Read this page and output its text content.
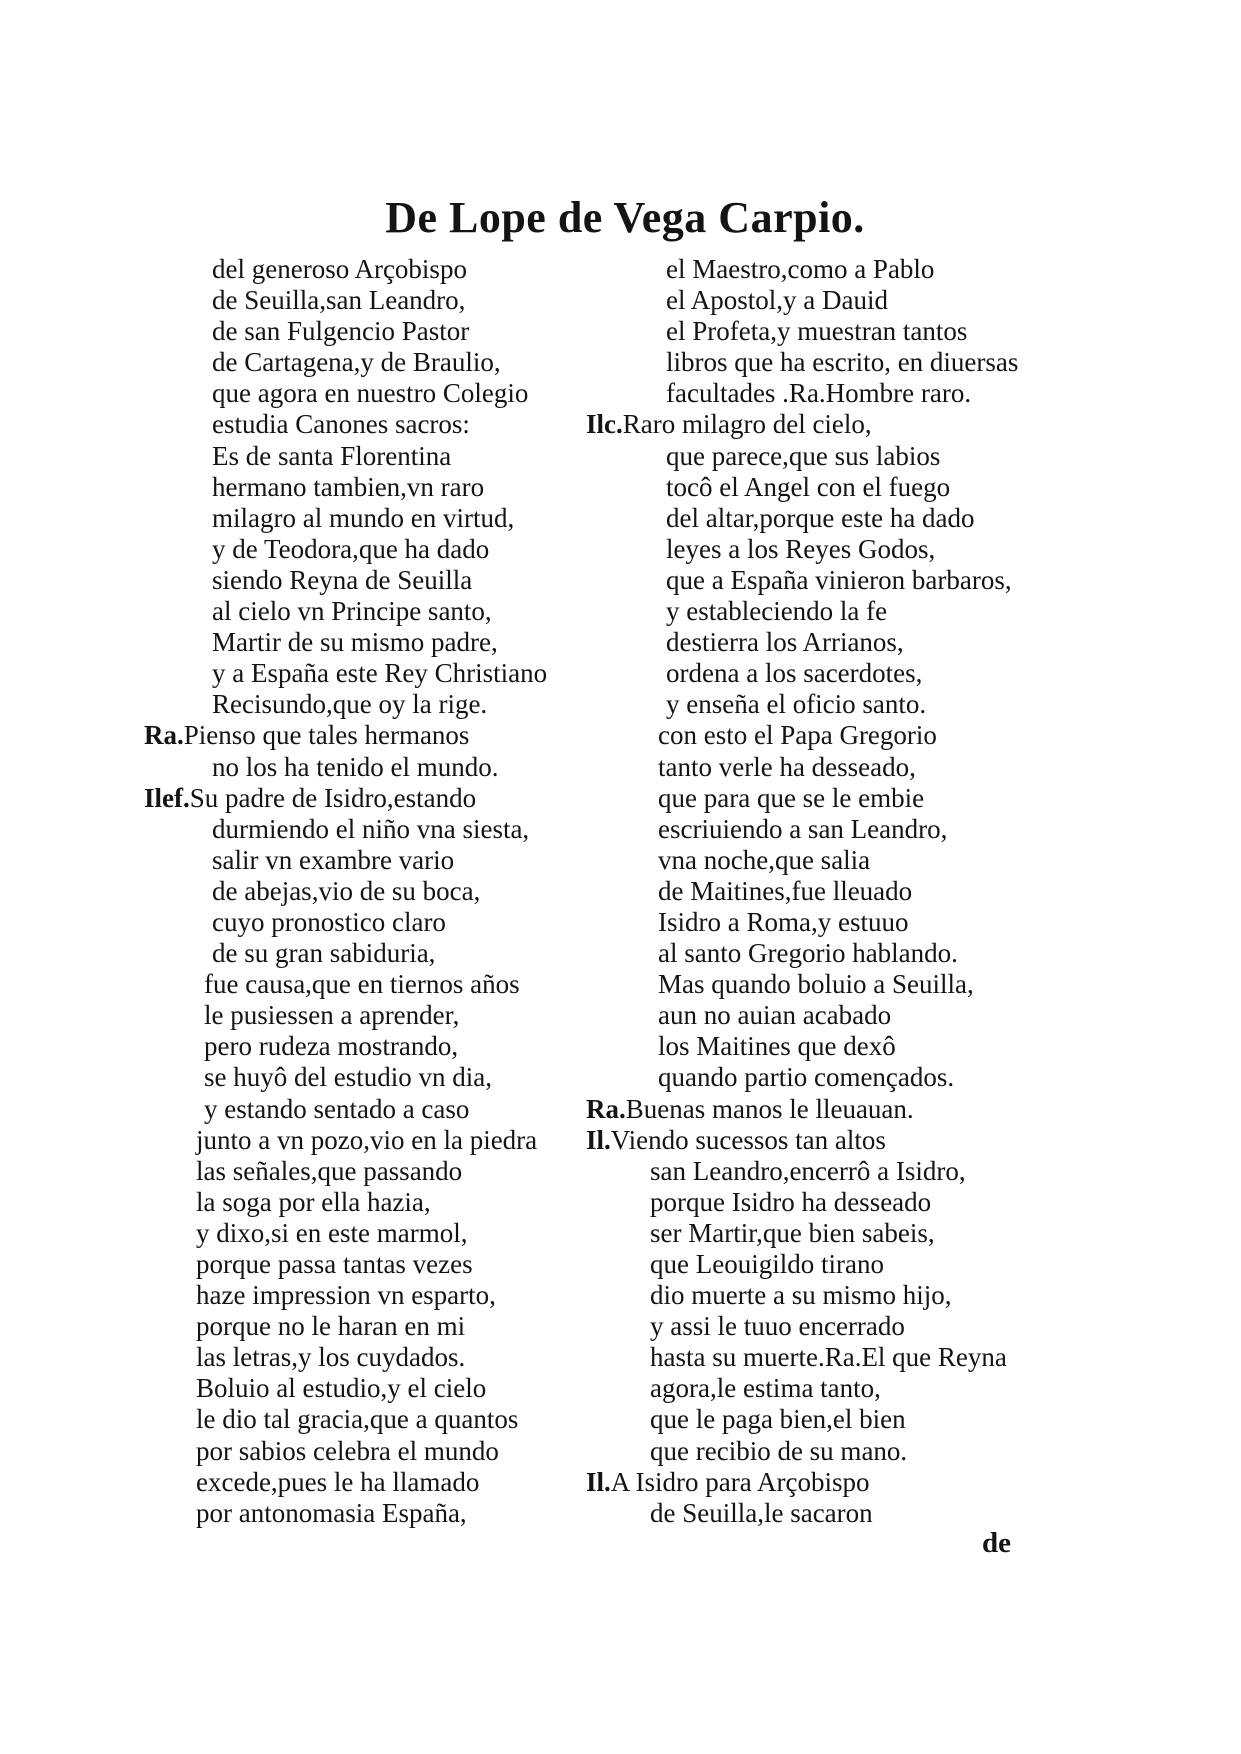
De Lope de Vega Carpio.
del generoso Arçobispo
de Seuilla,san Leandro,
de san Fulgencio Pastor
de Cartagena,y de Braulio,
que agora en nuestro Colegio
estudia Canones sacros:
Es de santa Florentina
hermano tambien,vn raro
milagro al mundo en virtud,
y de Teodora,que ha dado
siendo Reyna de Seuilla
al cielo vn Principe santo,
Martir de su mismo padre,
y a España este Rey Christiano
Recisundo,que oy la rige.
Ra.Pienso que tales hermanos
no los ha tenido el mundo.
Ilef.Su padre de Isidro,estando
durmiendo el niño vna siesta,
salir vn exambre vario
de abejas,vio de su boca,
cuyo pronostico claro
de su gran sabiduria,
fue causa,que en tiernos años
le pusiessen a aprender,
pero rudeza mostrando,
se huyô del estudio vn dia,
y estando sentado a caso
junto a vn pozo,vio en la piedra
las señales,que passando
la soga por ella hazia,
y dixo,si en este marmol,
porque passa tantas vezes
haze impression vn esparto,
porque no le haran en mi
las letras,y los cuydados.
Boluio al estudio,y el cielo
le dio tal gracia,que a quantos
por sabios celebra el mundo
excede,pues le ha llamado
por antonomasia España,
el Maestro,como a Pablo
el Apostol,y a Dauid
el Profeta,y muestran tantos
libros que ha escrito, en diuersas
facultades .Ra.Hombre raro.
Ilc.Raro milagro del cielo,
que parece,que sus labios
tocô el Angel con el fuego
del altar,porque este ha dado
leyes a los Reyes Godos,
que a España vinieron barbaros,
y estableciendo la fe
destierra los Arrianos,
ordena a los sacerdotes,
y enseña el oficio santo.
con esto el Papa Gregorio
tanto verle ha desseado,
que para que se le embie
escriuiendo a san Leandro,
vna noche,que salia
de Maitines,fue lleuado
Isidro a Roma,y estuuo
al santo Gregorio hablando.
Mas quando boluio a Seuilla,
aun no auian acabado
los Maitines que dexô
quando partio començados.
Ra.Buenas manos le lleuauan.
Il.Viendo sucessos tan altos
san Leandro,encerrô a Isidro,
porque Isidro ha desseado
ser Martir,que bien sabeis,
que Leouigildo tirano
dio muerte a su mismo hijo,
y assi le tuuo encerrado
hasta su muerte.Ra.El que Reyna
agora,le estima tanto,
que le paga bien,el bien
que recibio de su mano.
Il.A Isidro para Arçobispo
de Seuilla,le sacaron
de
